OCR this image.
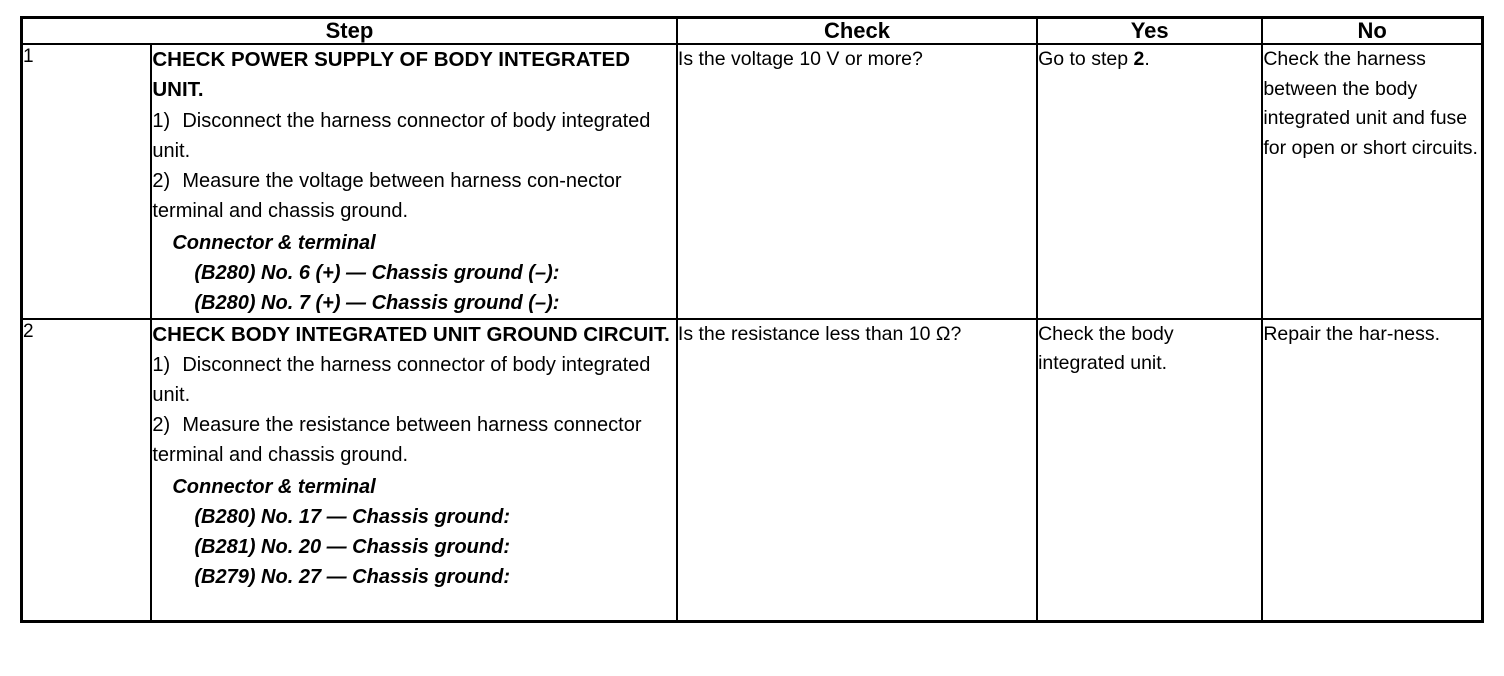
Step		Check	Yes	No
1	CHECK POWER SUPPLY OF BODY INTEGRATED UNIT.
1) Disconnect the harness connector of body integrated unit.
2) Measure the voltage between harness con-nector terminal and chassis ground.
Connector & terminal
(B280) No. 6 (+) — Chassis ground (–):
(B280) No. 7 (+) — Chassis ground (–):
	Is the voltage 10 V or more?	Go to step 2.	Check the harness between the body integrated unit and fuse for open or short circuits.
2	CHECK BODY INTEGRATED UNIT GROUND CIRCUIT.
1) Disconnect the harness connector of body integrated unit.
2) Measure the resistance between harness connector terminal and chassis ground.
Connector & terminal
(B280) No. 17 — Chassis ground:
(B281) No. 20 — Chassis ground:
(B279) No. 27 — Chassis ground:
	Is the resistance less than 10 Ω?	Check the body integrated unit.	Repair the har-ness.
